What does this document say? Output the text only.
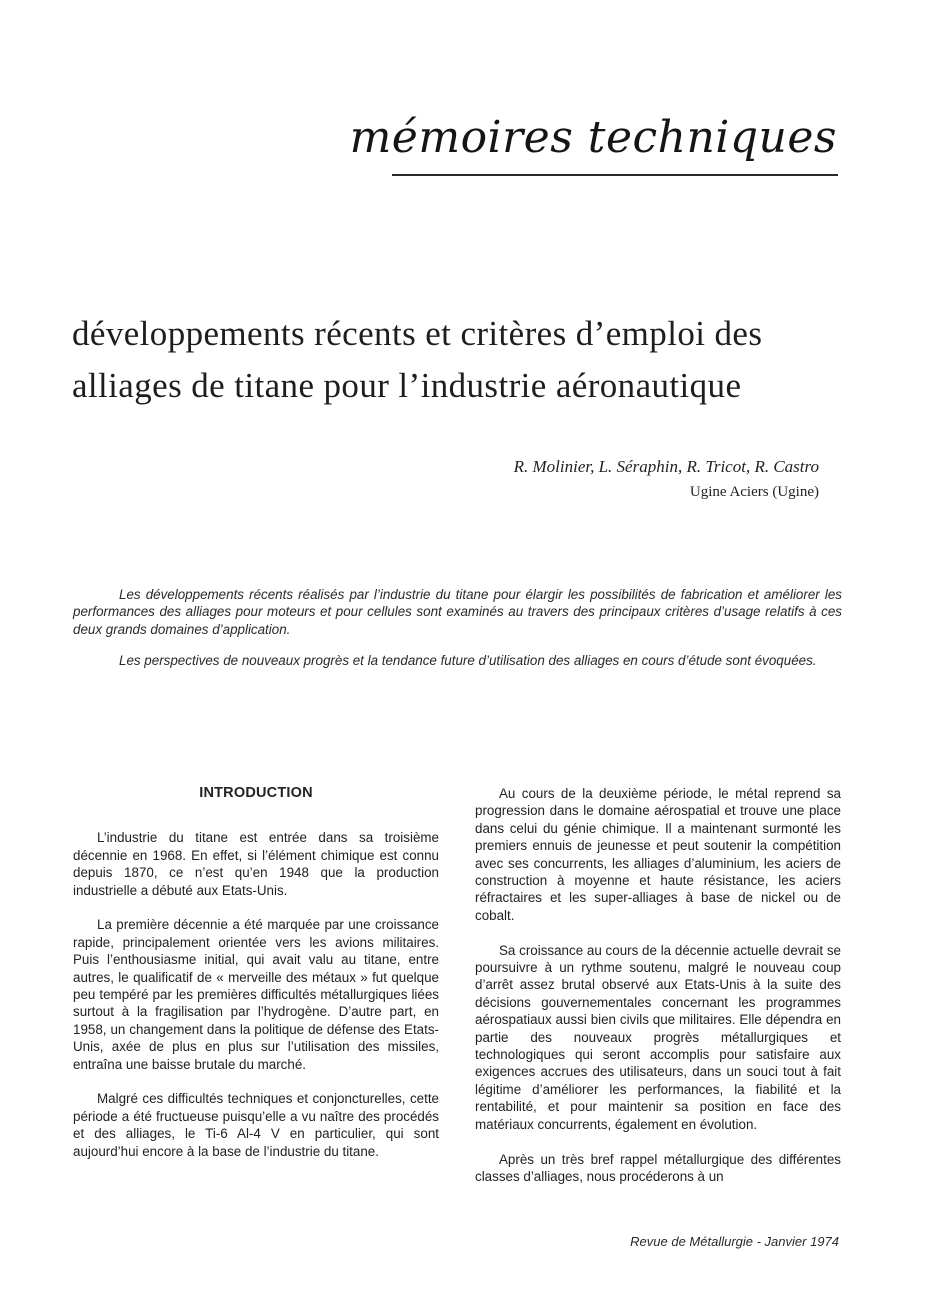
mémoires techniques
développements récents et critères d’emploi des
alliages de titane pour l’industrie aéronautique
R. Molinier, L. Séraphin, R. Tricot, R. Castro
Ugine Aciers (Ugine)

Les développements récents réalisés par l’industrie du titane pour élargir les possibilités de fabrication et améliorer les performances des alliages pour moteurs et pour cellules sont examinés au travers des principaux critères d’usage relatifs à ces deux grands domaines d’application.

Les perspectives de nouveaux progrès et la tendance future d’utilisation des alliages en cours d’étude sont évoquées.

INTRODUCTION

L’industrie du titane est entrée dans sa troisième décennie en 1968. En effet, si l’élément chimique est connu depuis 1870, ce n’est qu’en 1948 que la production industrielle a débuté aux Etats-Unis.

La première décennie a été marquée par une croissance rapide, principalement orientée vers les avions militaires. Puis l’enthousiasme initial, qui avait valu au titane, entre autres, le qualificatif de « merveille des métaux » fut quelque peu tempéré par les premières difficultés métallurgiques liées surtout à la fragilisation par l’hydrogène. D’autre part, en 1958, un changement dans la politique de défense des Etats-Unis, axée de plus en plus sur l’utilisation des missiles, entraîna une baisse brutale du marché.

Malgré ces difficultés techniques et conjoncturelles, cette période a été fructueuse puisqu’elle a vu naître des procédés et des alliages, le Ti-6 Al-4 V en particulier, qui sont aujourd’hui encore à la base de l’industrie du titane.

Au cours de la deuxième période, le métal reprend sa progression dans le domaine aérospatial et trouve une place dans celui du génie chimique. Il a maintenant surmonté les premiers ennuis de jeunesse et peut soutenir la compétition avec ses concurrents, les alliages d’aluminium, les aciers de construction à moyenne et haute résistance, les aciers réfractaires et les super-alliages à base de nickel ou de cobalt.

Sa croissance au cours de la décennie actuelle devrait se poursuivre à un rythme soutenu, malgré le nouveau coup d’arrêt assez brutal observé aux Etats-Unis à la suite des décisions gouvernementales concernant les programmes aérospatiaux aussi bien civils que militaires. Elle dépendra en partie des nouveaux progrès métallurgiques et technologiques qui seront accomplis pour satisfaire aux exigences accrues des utilisateurs, dans un souci tout à fait légitime d’améliorer les performances, la fiabilité et la rentabilité, et pour maintenir sa position en face des matériaux concurrents, également en évolution.

Après un très bref rappel métallurgique des différentes classes d’alliages, nous procéderons à un

Revue de Métallurgie - Janvier 1974
